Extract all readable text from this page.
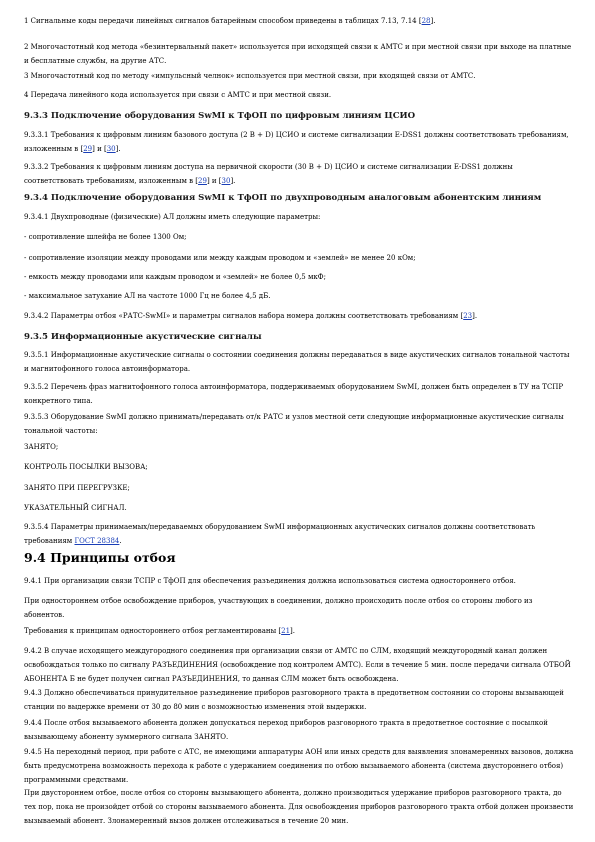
1 Сигнальные коды передачи линейных сигналов батарейным способом приведены в таблицах 7.13, 7.14 [28].

2 Многочастотный код метода «безинтервальный пакет» используется при исходящей связи к АМТС и при местной связи при выходе на платные и бесплатные службы, на другие АТС.

3 Многочастотный код по методу «импульсный челнок» используется при местной связи, при входящей связи от АМТС.

4 Передача линейного кода используется при связи с АМТС и при местной связи.

9.3.3 Подключение оборудования SwMI к ТфОП по цифровым линиям ЦСИО

9.3.3.1 Требования к цифровым линиям базового доступа (2 В + D) ЦСИО и системе сигнализации E-DSS1 должны соответствовать требованиям, изложенным в [29] и [30].

9.3.3.2 Требования к цифровым линиям доступа на первичной скорости (30 В + D) ЦСИО и системе сигнализации E-DSS1 должны соответствовать требованиям, изложенным в [29] и [30].

9.3.4 Подключение оборудования SwMI к ТфОП по двухпроводным аналоговым абонентским линиям

9.3.4.1 Двухпроводные (физические) АЛ должны иметь следующие параметры:

- сопротивление шлейфа не более 1300 Ом;

- сопротивление изоляции между проводами или между каждым проводом и «землей» не менее 20 кОм;

- емкость между проводами или каждым проводом и «землей» не более 0,5 мкФ;

- максимальное затухание АЛ на частоте 1000 Гц не более 4,5 дБ.

9.3.4.2 Параметры отбоя «РАТС-SwMI» и параметры сигналов набора номера должны соответствовать требованиям [23].

9.3.5 Информационные акустические сигналы

9.3.5.1 Информационные акустические сигналы о состоянии соединения должны передаваться в виде акустических сигналов тональной частоты и магнитофонного голоса автоинформатора.

9.3.5.2 Перечень фраз магнитофонного голоса автоинформатора, поддерживаемых оборудованием SwMI, должен быть определен в ТУ на ТСПР конкретного типа.

9.3.5.3 Оборудование SwMI должно принимать/передавать от/к РАТС и узлов местной сети следующие информационные акустические сигналы тональной частоты:

ЗАНЯТО;

КОНТРОЛЬ ПОСЫЛКИ ВЫЗОВА;

ЗАНЯТО ПРИ ПЕРЕГРУЗКЕ;

УКАЗАТЕЛЬНЫЙ СИГНАЛ.

9.3.5.4 Параметры принимаемых/передаваемых оборудованием SwMI информационных акустических сигналов должны соответствовать требованиям ГОСТ 28384.

9.4 Принципы отбоя

9.4.1 При организации связи ТСПР с ТфОП для обеспечения разъединения должна использоваться система одностороннего отбоя.

При одностороннем отбое освобождение приборов, участвующих в соединении, должно происходить после отбоя со стороны любого из абонентов.

Требования к принципам одностороннего отбоя регламентированы [21].

9.4.2 В случае исходящего междугородного соединения при организации связи от АМТС по СЛМ, входящий междугородный канал должен освобождаться только по сигналу РАЗЪЕДИНЕНИЯ (освобождение под контролем АМТС). Если в течение 5 мин. после передачи сигнала ОТБОЙ АБОНЕНТА Б не будет получен сигнал РАЗЪЕДИНЕНИЯ, то данная СЛМ может быть освобождена.

9.4.3 Должно обеспечиваться принудительное разъединение приборов разговорного тракта в предответном состоянии со стороны вызывающей станции по выдержке времени от 30 до 80 мин с возможностью изменения этой выдержки.

9.4.4 После отбоя вызываемого абонента должен допускаться переход приборов разговорного тракта в предответное состояние с посылкой вызывающему абоненту зуммерного сигнала ЗАНЯТО.

9.4.5 На переходный период, при работе с АТС, не имеющими аппаратуры АОН или иных средств для выявления злонамеренных вызовов, должна быть предусмотрена возможность перехода к работе с удержанием соединения по отбою вызываемого абонента (система двустороннего отбоя) программными средствами.

При двустороннем отбое, после отбоя со стороны вызывающего абонента, должно производиться удержание приборов разговорного тракта, до тех пор, пока не произойдет отбой со стороны вызываемого абонента. Для освобождения приборов разговорного тракта отбой должен произвести вызываемый абонент. Злонамеренный вызов должен отслеживаться в течение 20 мин.
